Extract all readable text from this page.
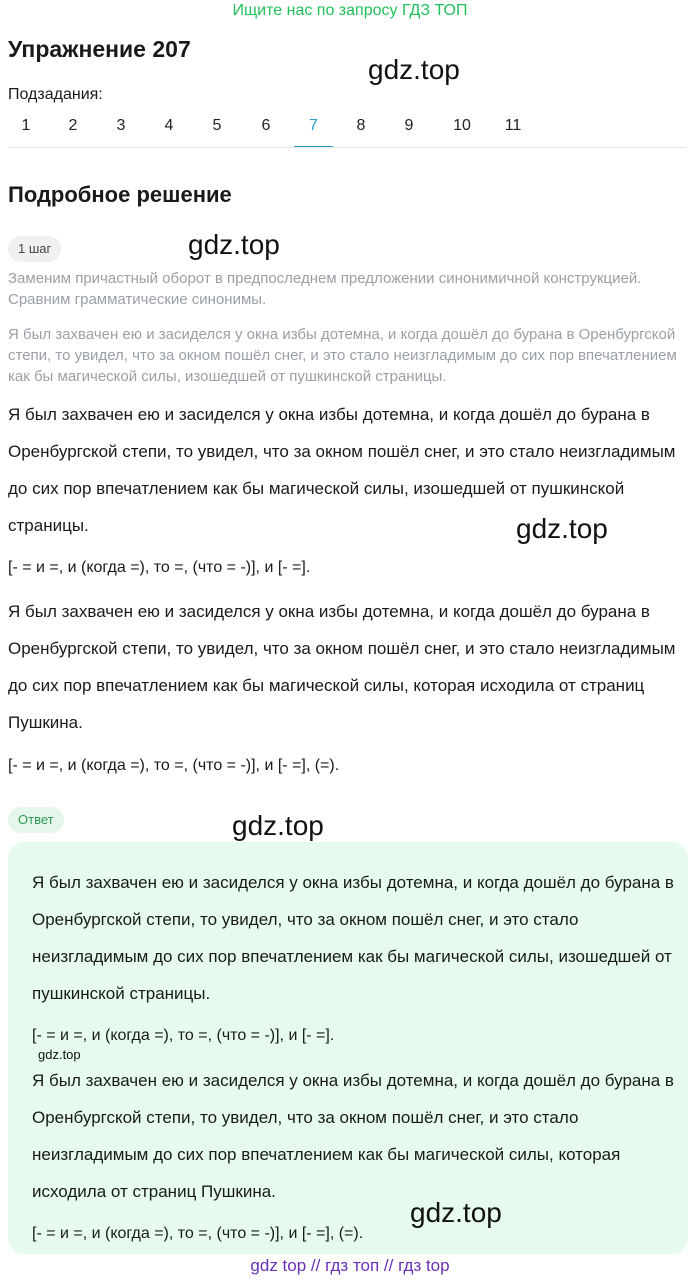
Ищите нас по запросу ГДЗ ТОП
Упражнение 207
gdz.top
Подзадания:
1	2	3	4	5	6	7	8	9	10	11
Подробное решение
1 шаг	gdz.top
Заменим причастный оборот в предпоследнем предложении синонимичной конструкцией. Сравним грамматические синонимы.
Я был захвачен ею и засиделся у окна избы дотемна, и когда дошёл до бурана в Оренбургской степи, то увидел, что за окном пошёл снег, и это стало неизгладимым до сих пор впечатлением как бы магической силы, изошедшей от пушкинской страницы.
Я был захвачен ею и засиделся у окна избы дотемна, и когда дошёл до бурана в Оренбургской степи, то увидел, что за окном пошёл снег, и это стало неизгладимым до сих пор впечатлением как бы магической силы, изошедшей от пушкинской страницы.	gdz.top
[- = и =, и (когда =), то =, (что = -)], и [- =].
Я был захвачен ею и засиделся у окна избы дотемна, и когда дошёл до бурана в Оренбургской степи, то увидел, что за окном пошёл снег, и это стало неизгладимым до сих пор впечатлением как бы магической силы, которая исходила от страниц Пушкина.
[- = и =, и (когда =), то =, (что = -)], и [- =], (=).
Ответ	gdz.top
Я был захвачен ею и засиделся у окна избы дотемна, и когда дошёл до бурана в Оренбургской степи, то увидел, что за окном пошёл снег, и это стало неизгладимым до сих пор впечатлением как бы магической силы, изошедшей от пушкинской страницы.
[- = и =, и (когда =), то =, (что = -)], и [- =].
gdz.top
Я был захвачен ею и засиделся у окна избы дотемна, и когда дошёл до бурана в Оренбургской степи, то увидел, что за окном пошёл снег, и это стало неизгладимым до сих пор впечатлением как бы магической силы, которая исходила от страниц Пушкина.
[- = и =, и (когда =), то =, (что = -)], и [- =], (=).
gdz.top
gdz top // гдз топ // гдз top
